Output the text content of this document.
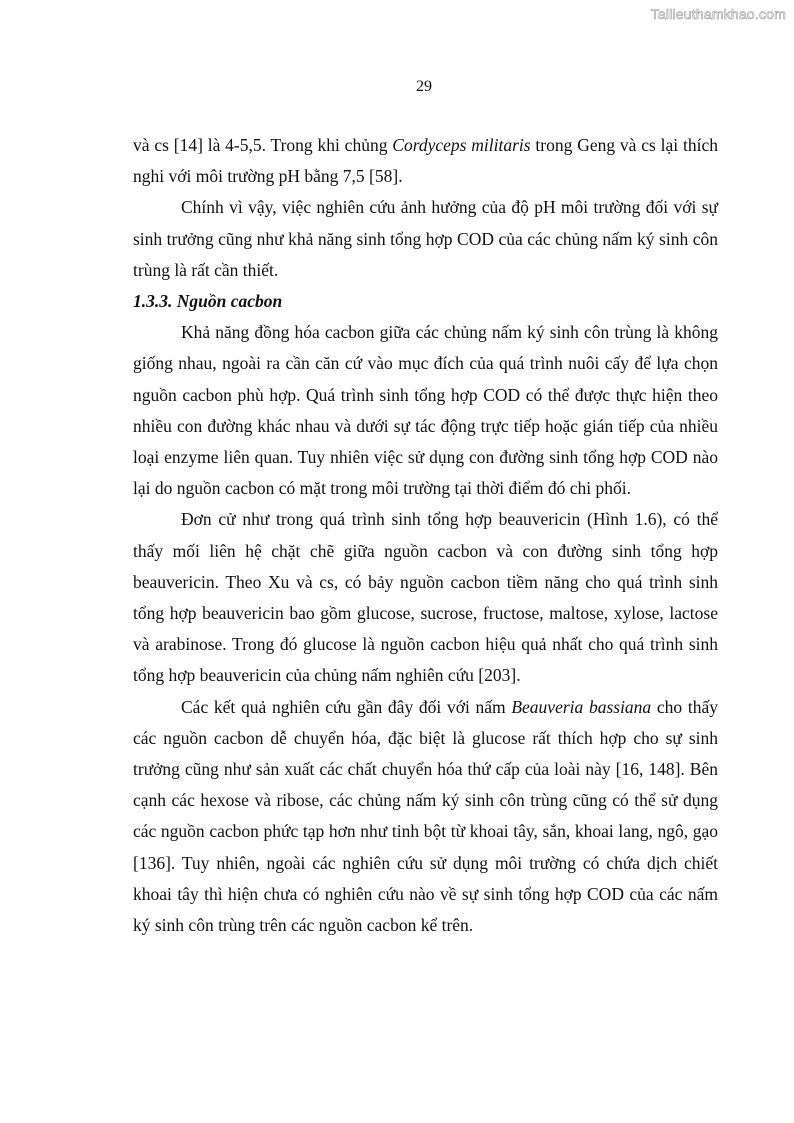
Tailieuthamkhao.com
29

và cs [14] là 4-5,5. Trong khi chủng Cordyceps militaris trong Geng và cs lại thích nghi với môi trường pH bằng 7,5 [58].

Chính vì vậy, việc nghiên cứu ảnh hưởng của độ pH môi trường đối với sự sinh trưởng cũng như khả năng sinh tổng hợp COD của các chủng nấm ký sinh côn trùng là rất cần thiết.

1.3.3. Nguồn cacbon

Khả năng đồng hóa cacbon giữa các chủng nấm ký sinh côn trùng là không giống nhau, ngoài ra cần căn cứ vào mục đích của quá trình nuôi cấy để lựa chọn nguồn cacbon phù hợp. Quá trình sinh tổng hợp COD có thể được thực hiện theo nhiều con đường khác nhau và dưới sự tác động trực tiếp hoặc gián tiếp của nhiều loại enzyme liên quan. Tuy nhiên việc sử dụng con đường sinh tổng hợp COD nào lại do nguồn cacbon có mặt trong môi trường tại thời điểm đó chi phối.

Đơn cử như trong quá trình sinh tổng hợp beauvericin (Hình 1.6), có thể thấy mối liên hệ chặt chẽ giữa nguồn cacbon và con đường sinh tổng hợp beauvericin. Theo Xu và cs, có bảy nguồn cacbon tiềm năng cho quá trình sinh tổng hợp beauvericin bao gồm glucose, sucrose, fructose, maltose, xylose, lactose và arabinose. Trong đó glucose là nguồn cacbon hiệu quả nhất cho quá trình sinh tổng hợp beauvericin của chủng nấm nghiên cứu [203].

Các kết quả nghiên cứu gần đây đối với nấm Beauveria bassiana cho thấy các nguồn cacbon dễ chuyển hóa, đặc biệt là glucose rất thích hợp cho sự sinh trưởng cũng như sản xuất các chất chuyển hóa thứ cấp của loài này [16, 148]. Bên cạnh các hexose và ribose, các chủng nấm ký sinh côn trùng cũng có thể sử dụng các nguồn cacbon phức tạp hơn như tinh bột từ khoai tây, sắn, khoai lang, ngô, gạo [136]. Tuy nhiên, ngoài các nghiên cứu sử dụng môi trường có chứa dịch chiết khoai tây thì hiện chưa có nghiên cứu nào về sự sinh tổng hợp COD của các nấm ký sinh côn trùng trên các nguồn cacbon kể trên.
